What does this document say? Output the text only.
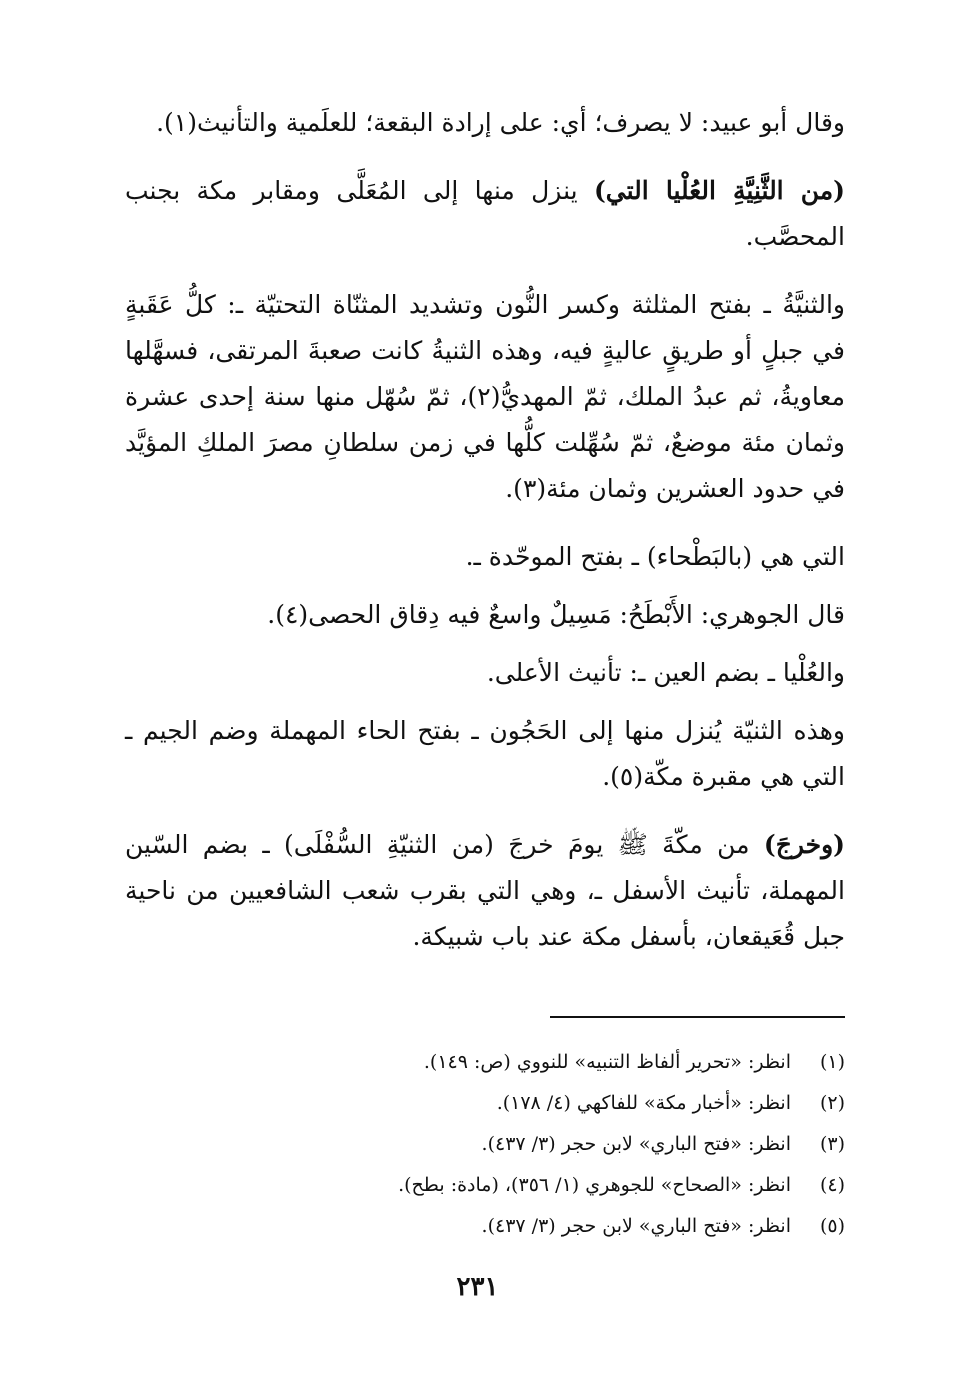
وقال أبو عبيد: لا يصرف؛ أي: على إرادة البقعة؛ للعلَمية والتأنيث(١).

(من الثَّنِيَّةِ العُلْيا التي) ينزل منها إلى المُعَلَّى ومقابر مكة بجنب المحصَّب.

والثنيَّةُ ـ بفتح المثلثة وكسر النُّون وتشديد المثنّاة التحتيّة ـ: كلُّ عَقَبةٍ في جبلٍ أو طريقٍ عاليةٍ فيه، وهذه الثنيةُ كانت صعبةَ المرتقى، فسهَّلها معاويةُ، ثم عبدُ الملك، ثمّ المهديُّ(٢)، ثمّ سُهّل منها سنة إحدى عشرة وثمان مئة موضعٌ، ثمّ سُهِّلت كلُّها في زمن سلطانِ مصرَ الملكِ المؤيَّد في حدود العشرين وثمان مئة(٣).

التي هي (بالبَطْحاء) ـ بفتح الموحّدة ـ.

قال الجوهري: الأَبْطَحُ: مَسِيلٌ واسعٌ فيه دِقاق الحصى(٤).

والعُلْيا ـ بضم العين ـ: تأنيث الأعلى.

وهذه الثنيّة يُنزل منها إلى الحَجُون ـ بفتح الحاء المهملة وضم الجيم ـ التي هي مقبرة مكّة(٥).

(وخرجَ) من مكّةَ ﷺ يومَ خرجَ (من الثنيّةِ السُّفْلَى) ـ بضم السّين المهملة، تأنيث الأسفل ـ، وهي التي بقرب شعب الشافعيين من ناحية جبل قُعَيقعان، بأسفل مكة عند باب شبيكة.

(١)انظر: «تحرير ألفاظ التنبيه» للنووي (ص: ١٤٩).
(٢)انظر: «أخبار مكة» للفاكهي (٤/ ١٧٨).
(٣)انظر: «فتح الباري» لابن حجر (٣/ ٤٣٧).
(٤)انظر: «الصحاح» للجوهري (١/ ٣٥٦)، (مادة: بطح).
(٥)انظر: «فتح الباري» لابن حجر (٣/ ٤٣٧).
٢٣١
